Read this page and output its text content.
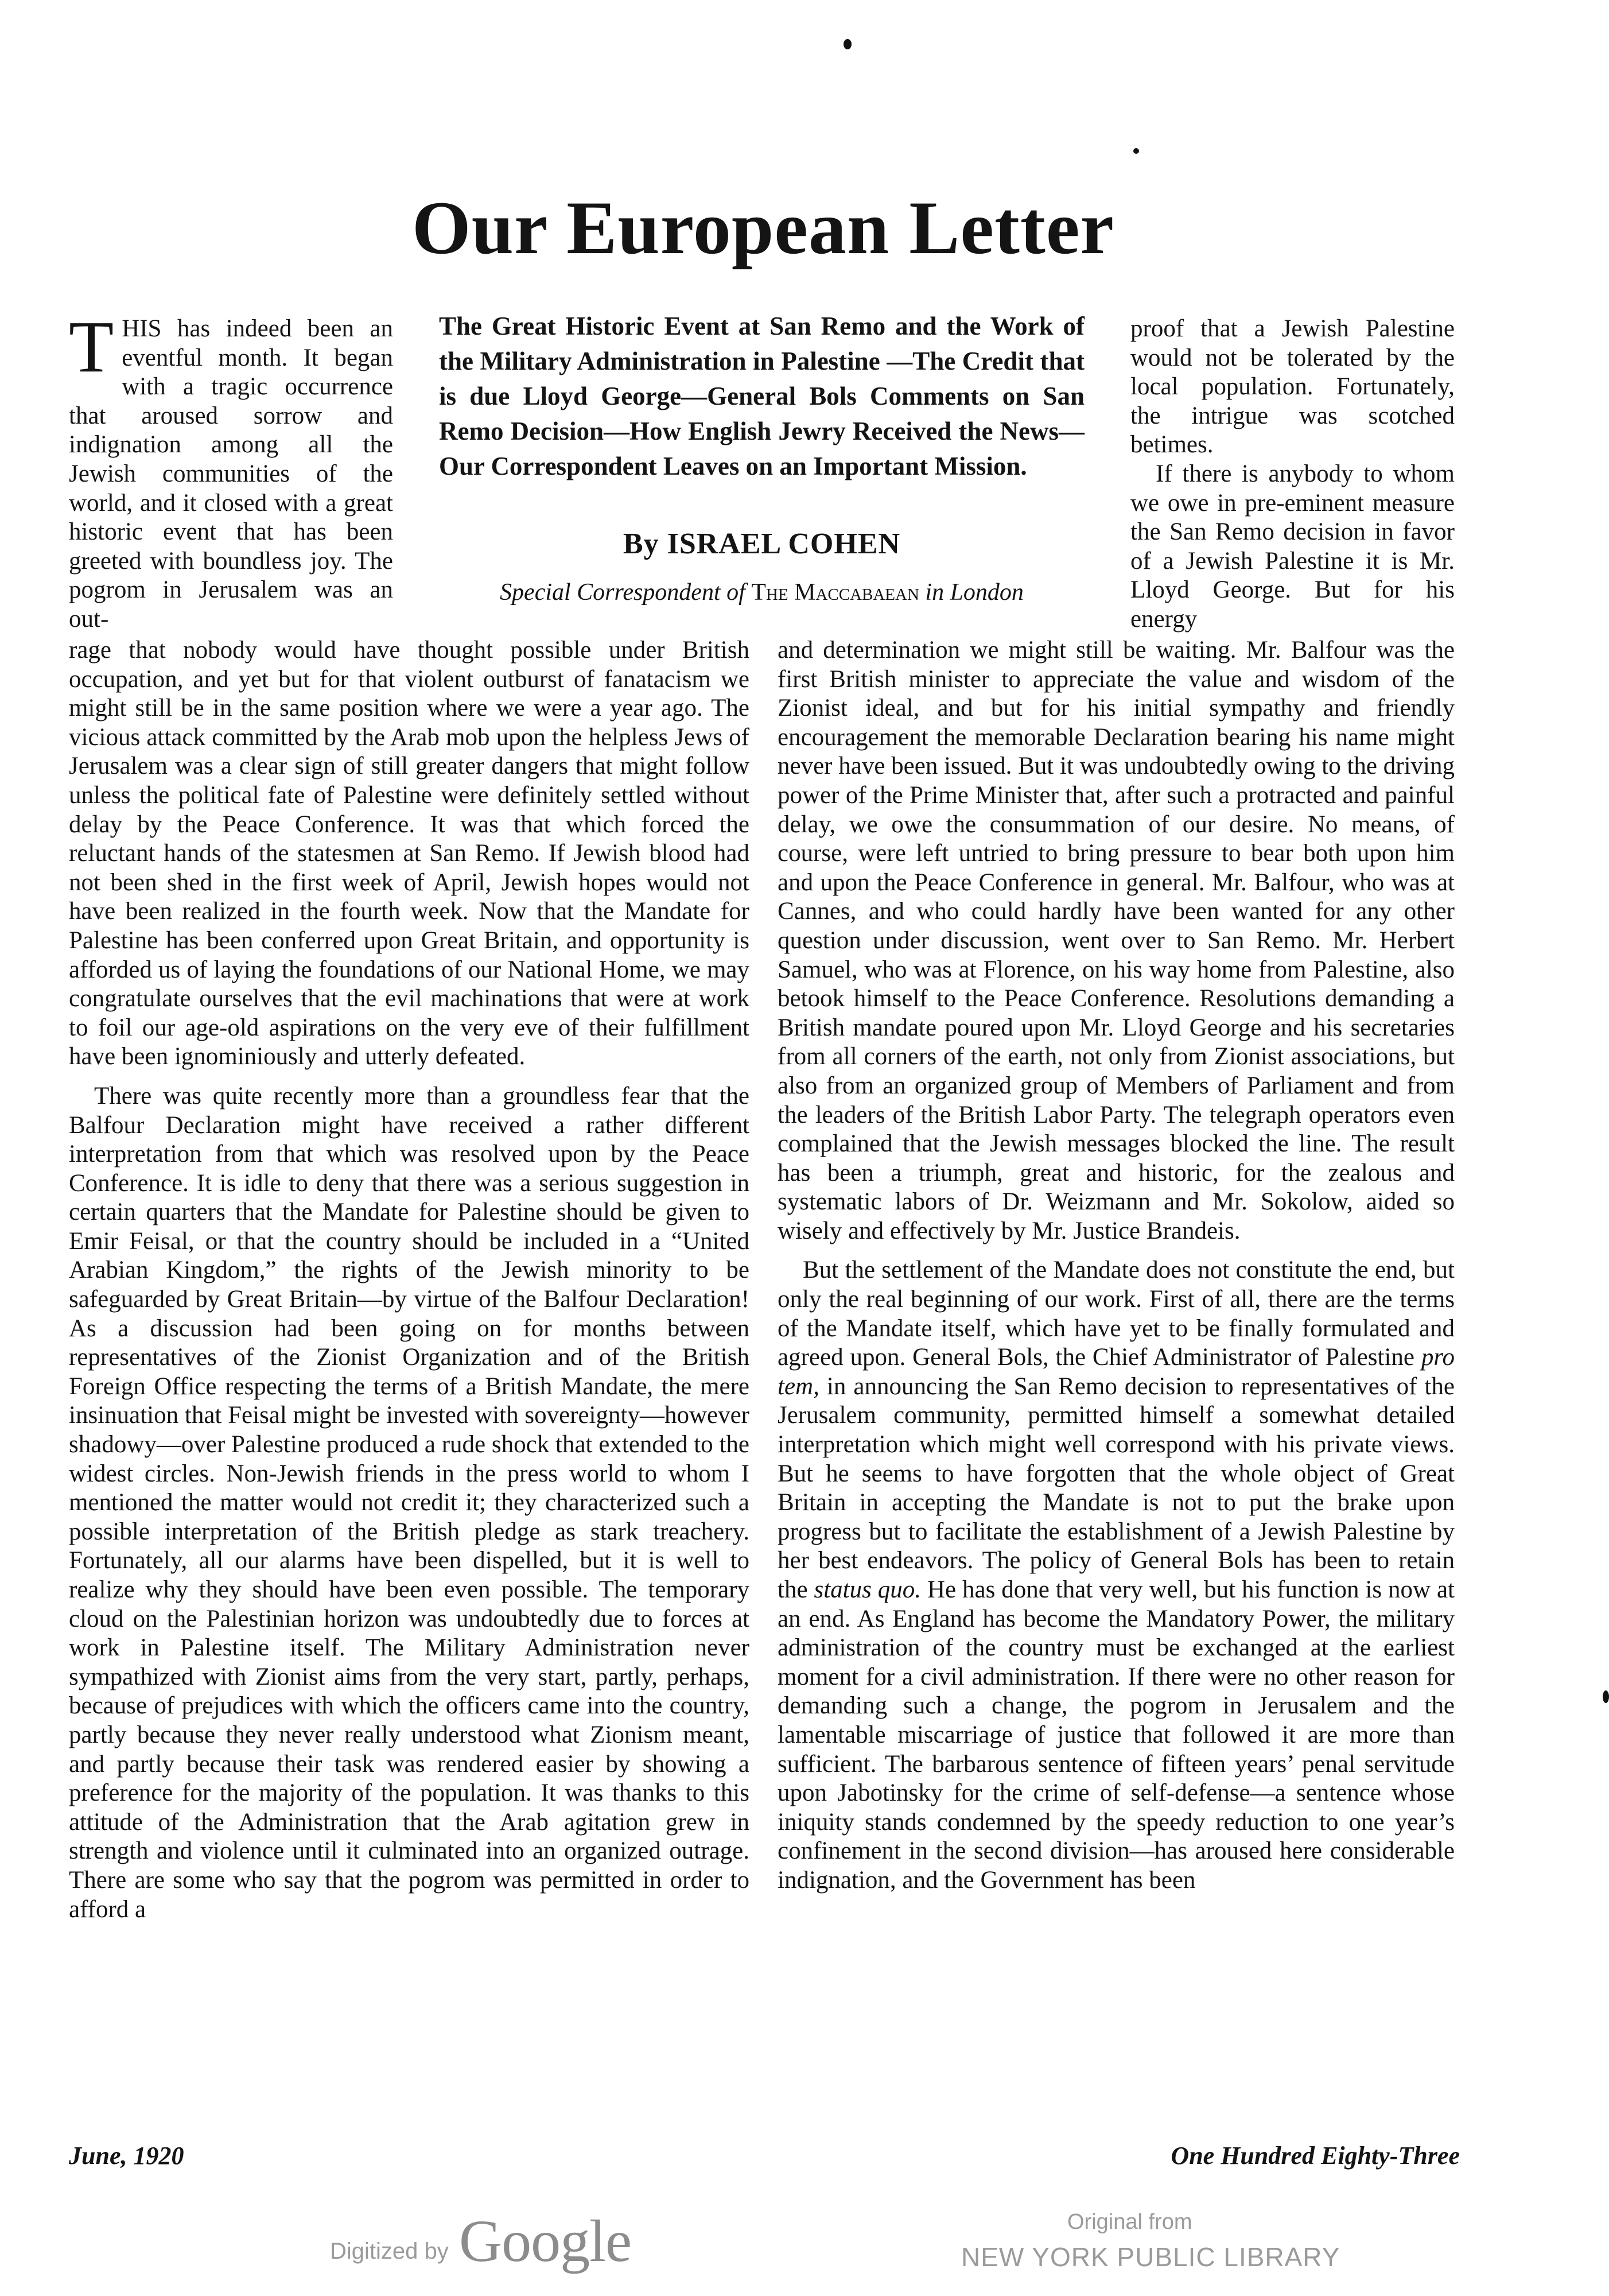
Our European Letter

THIS has indeed been an eventful month. It began with a tragic occurrence that aroused sorrow and indignation among all the Jewish communities of the world, and it closed with a great historic event that has been greeted with boundless joy. The pogrom in Jerusalem was an out-

The Great Historic Event at San Remo and the Work of the Military Administration in Palestine —The Credit that is due Lloyd George—General Bols Comments on San Remo Decision—How English Jewry Received the News—Our Correspondent Leaves on an Important Mission.

By ISRAEL COHEN

Special Correspondent of The Maccabaean in London

proof that a Jewish Palestine would not be tolerated by the local population. Fortunately, the intrigue was scotched betimes.

If there is anybody to whom we owe in pre-eminent measure the San Remo decision in favor of a Jewish Palestine it is Mr. Lloyd George. But for his energy

rage that nobody would have thought possible under British occupation, and yet but for that violent outburst of fanatacism we might still be in the same position where we were a year ago. The vicious attack committed by the Arab mob upon the helpless Jews of Jerusalem was a clear sign of still greater dangers that might follow unless the political fate of Palestine were definitely settled without delay by the Peace Conference. It was that which forced the reluctant hands of the statesmen at San Remo. If Jewish blood had not been shed in the first week of April, Jewish hopes would not have been realized in the fourth week. Now that the Mandate for Palestine has been conferred upon Great Britain, and opportunity is afforded us of laying the foundations of our National Home, we may congratulate ourselves that the evil machinations that were at work to foil our age-old aspirations on the very eve of their fulfillment have been ignominiously and utterly defeated.

There was quite recently more than a groundless fear that the Balfour Declaration might have received a rather different interpretation from that which was resolved upon by the Peace Conference. It is idle to deny that there was a serious suggestion in certain quarters that the Mandate for Palestine should be given to Emir Feisal, or that the country should be included in a “United Arabian Kingdom,” the rights of the Jewish minority to be safeguarded by Great Britain—by virtue of the Balfour Declaration! As a discussion had been going on for months between representatives of the Zionist Organization and of the British Foreign Office respecting the terms of a British Mandate, the mere insinuation that Feisal might be invested with sovereignty—however shadowy—over Palestine produced a rude shock that extended to the widest circles. Non-Jewish friends in the press world to whom I mentioned the matter would not credit it; they characterized such a possible interpretation of the British pledge as stark treachery. Fortunately, all our alarms have been dispelled, but it is well to realize why they should have been even possible. The temporary cloud on the Palestinian horizon was undoubtedly due to forces at work in Palestine itself. The Military Administration never sympathized with Zionist aims from the very start, partly, perhaps, because of prejudices with which the officers came into the country, partly because they never really understood what Zionism meant, and partly because their task was rendered easier by showing a preference for the majority of the population. It was thanks to this attitude of the Administration that the Arab agitation grew in strength and violence until it culminated into an organized outrage. There are some who say that the pogrom was permitted in order to afford a

and determination we might still be waiting. Mr. Balfour was the first British minister to appreciate the value and wisdom of the Zionist ideal, and but for his initial sympathy and friendly encouragement the memorable Declaration bearing his name might never have been issued. But it was undoubtedly owing to the driving power of the Prime Minister that, after such a protracted and painful delay, we owe the consummation of our desire. No means, of course, were left untried to bring pressure to bear both upon him and upon the Peace Conference in general. Mr. Balfour, who was at Cannes, and who could hardly have been wanted for any other question under discussion, went over to San Remo. Mr. Herbert Samuel, who was at Florence, on his way home from Palestine, also betook himself to the Peace Conference. Resolutions demanding a British mandate poured upon Mr. Lloyd George and his secretaries from all corners of the earth, not only from Zionist associations, but also from an organized group of Members of Parliament and from the leaders of the British Labor Party. The telegraph operators even complained that the Jewish messages blocked the line. The result has been a triumph, great and historic, for the zealous and systematic labors of Dr. Weizmann and Mr. Sokolow, aided so wisely and effectively by Mr. Justice Brandeis.

But the settlement of the Mandate does not constitute the end, but only the real beginning of our work. First of all, there are the terms of the Mandate itself, which have yet to be finally formulated and agreed upon. General Bols, the Chief Administrator of Palestine pro tem, in announcing the San Remo decision to representatives of the Jerusalem community, permitted himself a somewhat detailed interpretation which might well correspond with his private views. But he seems to have forgotten that the whole object of Great Britain in accepting the Mandate is not to put the brake upon progress but to facilitate the establishment of a Jewish Palestine by her best endeavors. The policy of General Bols has been to retain the status quo. He has done that very well, but his function is now at an end. As England has become the Mandatory Power, the military administration of the country must be exchanged at the earliest moment for a civil administration. If there were no other reason for demanding such a change, the pogrom in Jerusalem and the lamentable miscarriage of justice that followed it are more than sufficient. The barbarous sentence of fifteen years’ penal servitude upon Jabotinsky for the crime of self-defense—a sentence whose iniquity stands condemned by the speedy reduction to one year’s confinement in the second division—has aroused here considerable indignation, and the Government has been

June, 1920	One Hundred Eighty-Three
Digitized by Google	Original from
NEW YORK PUBLIC LIBRARY
